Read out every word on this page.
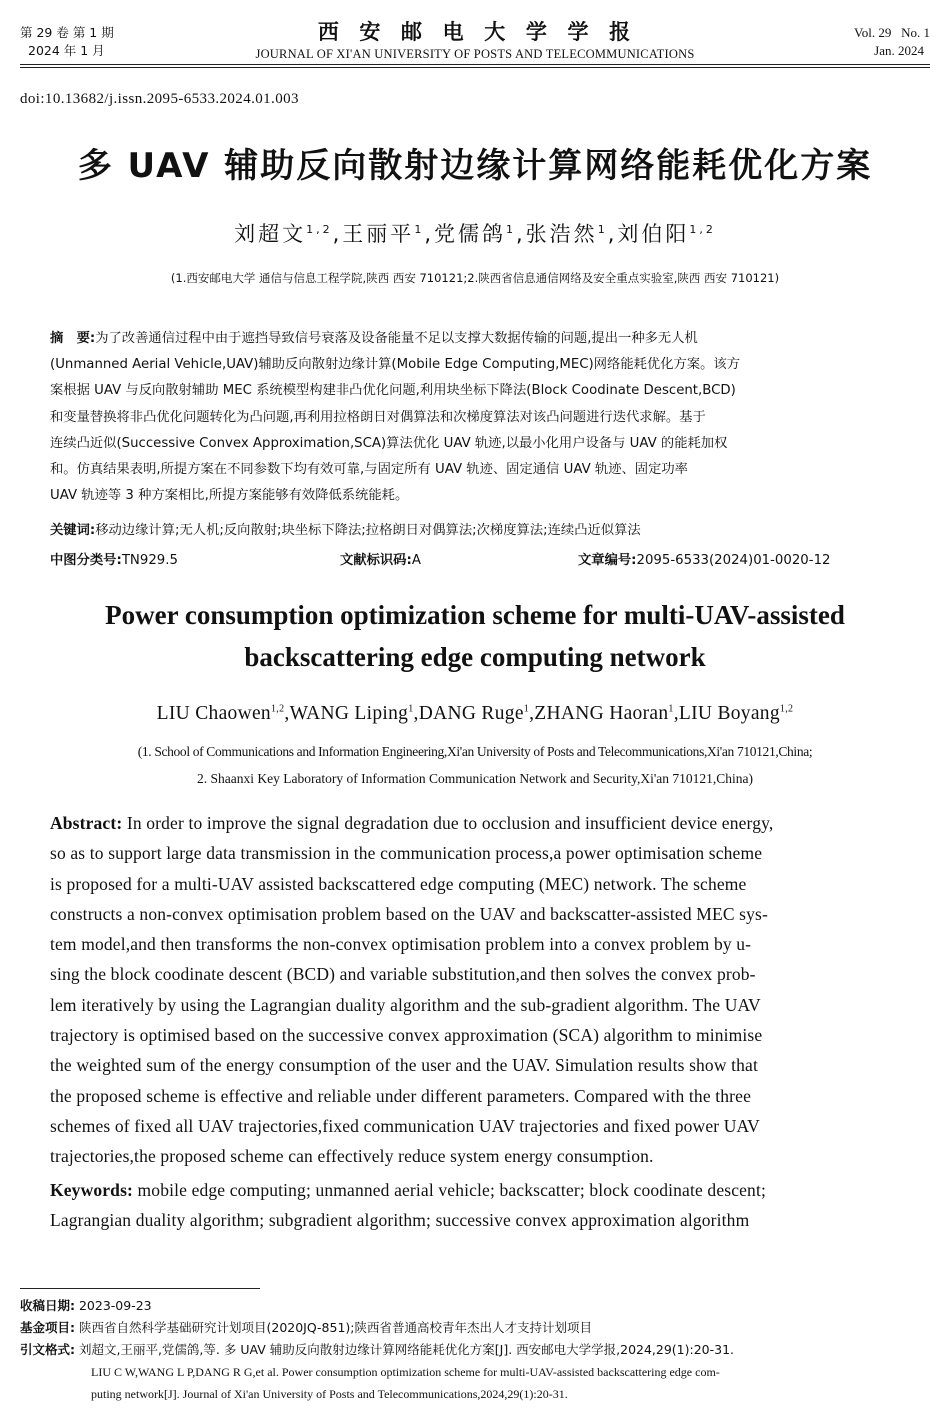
第 29 卷 第 1 期
2024 年 1 月
西  安  邮  电  大  学  学  报
JOURNAL OF XI'AN UNIVERSITY OF POSTS AND TELECOMMUNICATIONS
Vol. 29   No. 1
Jan. 2024
doi:10.13682/j.issn.2095-6533.2024.01.003
多 UAV 辅助反向散射边缘计算网络能耗优化方案
刘超文$^{1,2}$,王丽平$^1$,党儒鸽$^1$,张浩然$^1$,刘伯阳$^{1,2}$
(1.西安邮电大学 通信与信息工程学院,陕西 西安 710121;2.陕西省信息通信网络及安全重点实验室,陕西 西安 710121)
摘　要:为了改善通信过程中由于遮挡导致信号衰落及设备能量不足以支撑大数据传输的问题,提出一种多无人机
(Unmanned Aerial Vehicle,UAV)辅助反向散射边缘计算(Mobile Edge Computing,MEC)网络能耗优化方案。该方
案根据 UAV 与反向散射辅助 MEC 系统模型构建非凸优化问题,利用块坐标下降法(Block Coodinate Descent,BCD)
和变量替换将非凸优化问题转化为凸问题,再利用拉格朗日对偶算法和次梯度算法对该凸问题进行迭代求解。基于
连续凸近似(Successive Convex Approximation,SCA)算法优化 UAV 轨迹,以最小化用户设备与 UAV 的能耗加权
和。仿真结果表明,所提方案在不同参数下均有效可靠,与固定所有 UAV 轨迹、固定通信 UAV 轨迹、固定功率
UAV 轨迹等 3 种方案相比,所提方案能够有效降低系统能耗。
关键词:移动边缘计算;无人机;反向散射;块坐标下降法;拉格朗日对偶算法;次梯度算法;连续凸近似算法
中图分类号:TN929.5	文献标识码:A	文章编号:2095-6533(2024)01-0020-12
Power consumption optimization scheme for multi-UAV-assisted
backscattering edge computing network
LIU Chaowen$^{1,2}$,WANG Liping$^1$,DANG Ruge$^1$,ZHANG Haoran$^1$,LIU Boyang$^{1,2}$
(1. School of Communications and Information Engineering,Xi'an University of Posts and Telecommunications,Xi'an 710121,China;
2. Shaanxi Key Laboratory of Information Communication Network and Security,Xi'an 710121,China)
Abstract: In order to improve the signal degradation due to occlusion and insufficient device energy,
so as to support large data transmission in the communication process,a power optimisation scheme
is proposed for a multi-UAV assisted backscattered edge computing (MEC) network. The scheme
constructs a non-convex optimisation problem based on the UAV and backscatter-assisted MEC sys-
tem model,and then transforms the non-convex optimisation problem into a convex problem by u-
sing the block coodinate descent (BCD) and variable substitution,and then solves the convex prob-
lem iteratively by using the Lagrangian duality algorithm and the sub-gradient algorithm. The UAV
trajectory is optimised based on the successive convex approximation (SCA) algorithm to minimise
the weighted sum of the energy consumption of the user and the UAV. Simulation results show that
the proposed scheme is effective and reliable under different parameters. Compared with the three
schemes of fixed all UAV trajectories,fixed communication UAV trajectories and fixed power UAV
trajectories,the proposed scheme can effectively reduce system energy consumption.
Keywords: mobile edge computing; unmanned aerial vehicle; backscatter; block coodinate descent;
Lagrangian duality algorithm; subgradient algorithm; successive convex approximation algorithm
收稿日期: 2023-09-23
基金项目: 陕西省自然科学基础研究计划项目(2020JQ-851);陕西省普通高校青年杰出人才支持计划项目
引文格式: 刘超文,王丽平,党儒鸽,等. 多 UAV 辅助反向散射边缘计算网络能耗优化方案[J]. 西安邮电大学学报,2024,29(1):20-31.
LIU C W,WANG L P,DANG R G,et al. Power consumption optimization scheme for multi-UAV-assisted backscattering edge com-
puting network[J]. Journal of Xi'an University of Posts and Telecommunications,2024,29(1):20-31.
